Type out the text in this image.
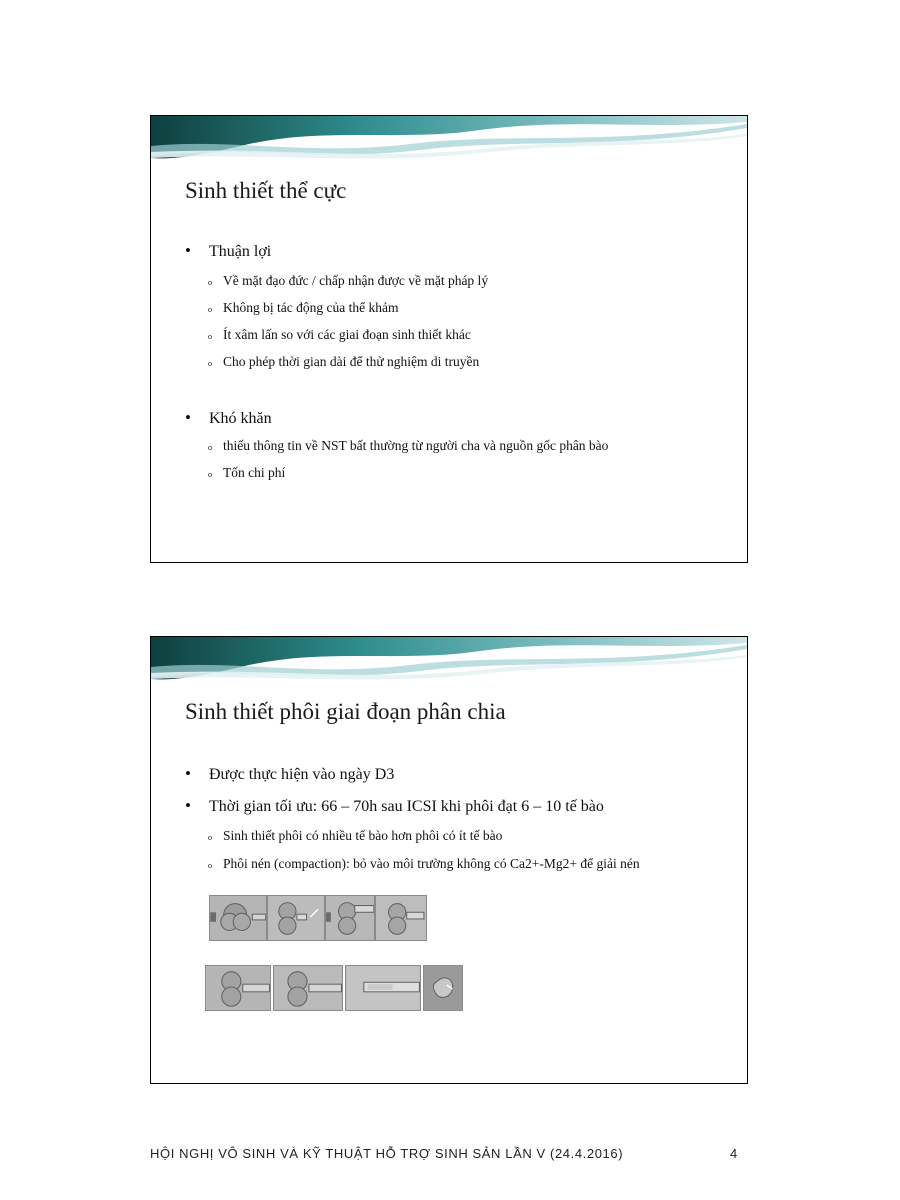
Sinh thiết thể cực
• Thuận lợi
o Về mặt đạo đức / chấp nhận được về mặt pháp lý
o Không bị tác động của thể khảm
o Ít xâm lấn so với các giai đoạn sinh thiết khác
o Cho phép thời gian dài để thử nghiệm di truyền
• Khó khăn
o thiếu thông tin về NST bất thường từ người cha và nguồn gốc phân bào
o Tốn chi phí
Sinh thiết phôi giai đoạn phân chia
• Được thực hiện vào ngày D3
• Thời gian tối ưu: 66 – 70h sau ICSI khi phôi đạt 6 – 10 tế bào
o Sinh thiết phôi có nhiều tế bào hơn phôi có ít tế bào
o Phôi nén (compaction): bỏ vào môi trường không có Ca2+-Mg2+ để giải nén
HỘI NGHỊ VÔ SINH VÀ KỸ THUẬT HỖ TRỢ SINH SẢN LẦN V (24.4.2016)	4
